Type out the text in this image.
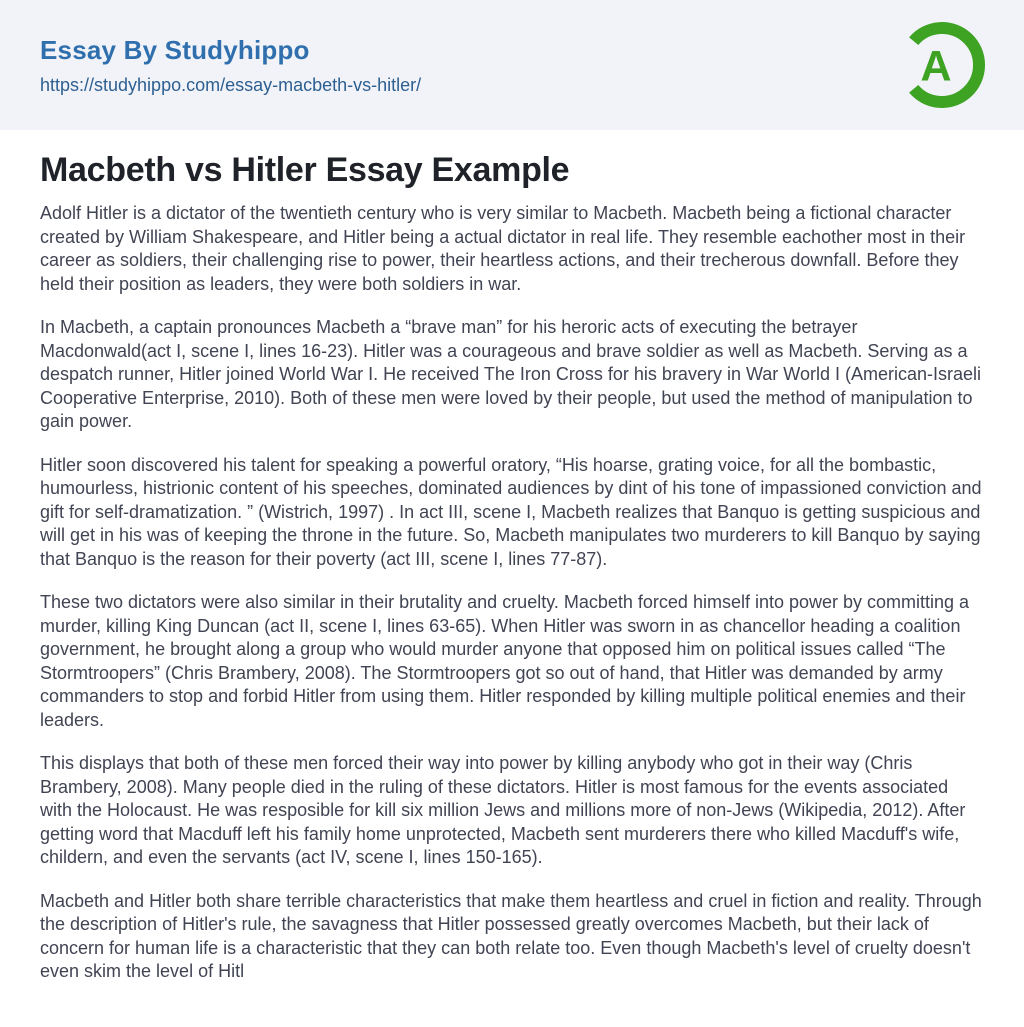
Essay By Studyhippo
https://studyhippo.com/essay-macbeth-vs-hitler/	A
Macbeth vs Hitler Essay Example

Adolf Hitler is a dictator of the twentieth century who is very similar to Macbeth. Macbeth being a fictional character created by William Shakespeare, and Hitler being a actual dictator in real life. They resemble eachother most in their career as soldiers, their challenging rise to power, their heartless actions, and their trecherous downfall. Before they held their position as leaders, they were both soldiers in war.

In Macbeth, a captain pronounces Macbeth a “brave man” for his heroric acts of executing the betrayer Macdonwald(act I, scene I, lines 16-23). Hitler was a courageous and brave soldier as well as Macbeth. Serving as a despatch runner, Hitler joined World War I. He received The Iron Cross for his bravery in War World I (American-Israeli Cooperative Enterprise, 2010). Both of these men were loved by their people, but used the method of manipulation to gain power.

Hitler soon discovered his talent for speaking a powerful oratory, “His hoarse, grating voice, for all the bombastic, humourless, histrionic content of his speeches, dominated audiences by dint of his tone of impassioned conviction and gift for self-dramatization. ” (Wistrich, 1997) . In act III, scene I, Macbeth realizes that Banquo is getting suspicious and will get in his was of keeping the throne in the future. So, Macbeth manipulates two murderers to kill Banquo by saying that Banquo is the reason for their poverty (act III, scene I, lines 77-87).

These two dictators were also similar in their brutality and cruelty. Macbeth forced himself into power by committing a murder, killing King Duncan (act II, scene I, lines 63-65). When Hitler was sworn in as chancellor heading a coalition government, he brought along a group who would murder anyone that opposed him on political issues called “The Stormtroopers” (Chris Brambery, 2008). The Stormtroopers got so out of hand, that Hitler was demanded by army commanders to stop and forbid Hitler from using them. Hitler responded by killing multiple political enemies and their leaders.

This displays that both of these men forced their way into power by killing anybody who got in their way (Chris Brambery, 2008). Many people died in the ruling of these dictators. Hitler is most famous for the events associated with the Holocaust. He was resposible for kill six million Jews and millions more of non-Jews (Wikipedia, 2012). After getting word that Macduff left his family home unprotected, Macbeth sent murderers there who killed Macduff's wife, childern, and even the servants (act IV, scene I, lines 150-165).

Macbeth and Hitler both share terrible characteristics that make them heartless and cruel in fiction and reality. Through the description of Hitler's rule, the savagness that Hitler possessed greatly overcomes Macbeth, but their lack of concern for human life is a characteristic that they can both relate too. Even though Macbeth's level of cruelty doesn't even skim the level of Hitl
